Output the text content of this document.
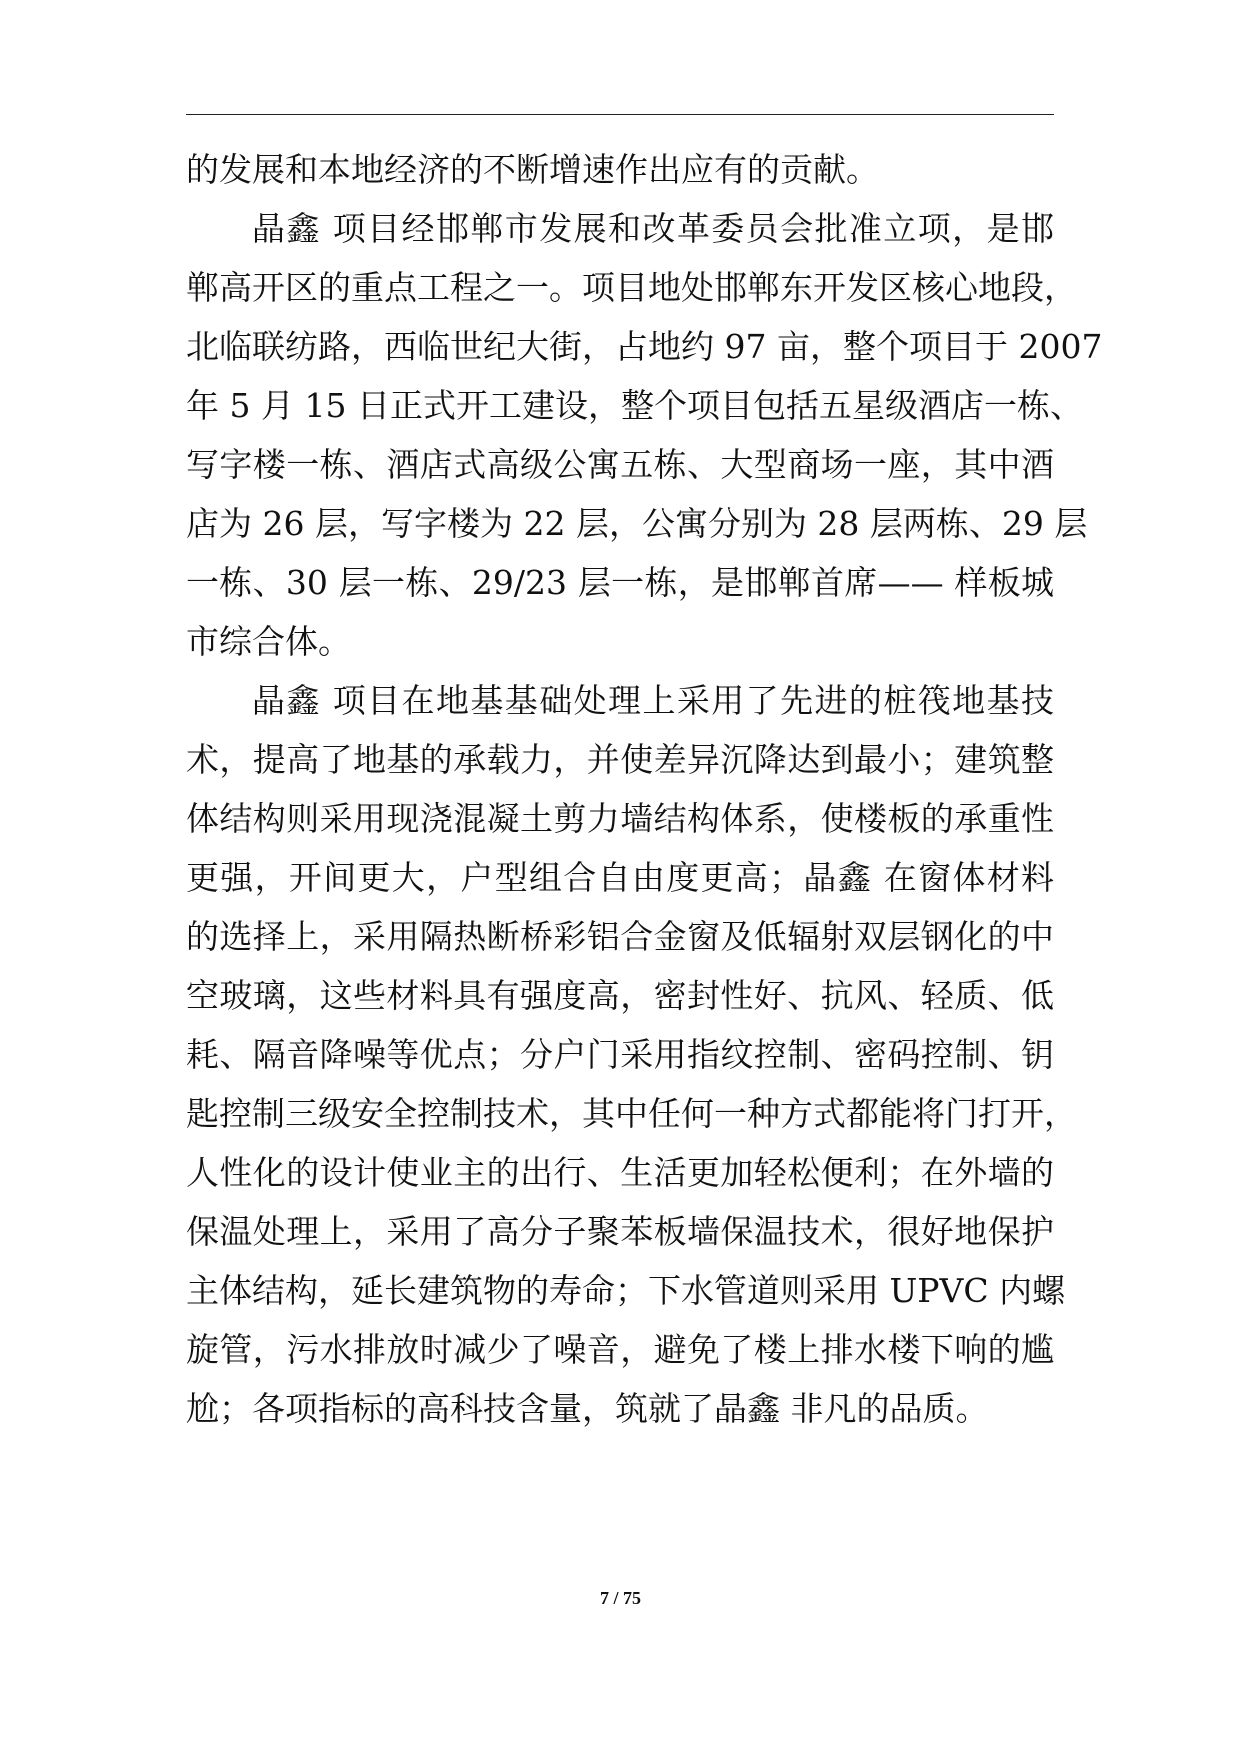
的发展和本地经济的不断增速作出应有的贡献。
晶鑫 项目经邯郸市发展和改革委员会批准立项，是邯
郸高开区的重点工程之一。项目地处邯郸东开发区核心地段，
北临联纺路，西临世纪大街，占地约 97 亩，整个项目于 2007
年 5 月 15 日正式开工建设，整个项目包括五星级酒店一栋、
写字楼一栋、酒店式高级公寓五栋、大型商场一座，其中酒
店为 26 层，写字楼为 22 层，公寓分别为 28 层两栋、29 层
一栋、30 层一栋、29/23 层一栋，是邯郸首席—— 样板城
市综合体。
晶鑫 项目在地基基础处理上采用了先进的桩筏地基技
术，提高了地基的承载力，并使差异沉降达到最小；建筑整
体结构则采用现浇混凝土剪力墙结构体系，使楼板的承重性
更强，开间更大，户型组合自由度更高；晶鑫 在窗体材料
的选择上，采用隔热断桥彩铝合金窗及低辐射双层钢化的中
空玻璃，这些材料具有强度高，密封性好、抗风、轻质、低
耗、隔音降噪等优点；分户门采用指纹控制、密码控制、钥
匙控制三级安全控制技术，其中任何一种方式都能将门打开，
人性化的设计使业主的出行、生活更加轻松便利；在外墙的
保温处理上，采用了高分子聚苯板墙保温技术，很好地保护
主体结构，延长建筑物的寿命；下水管道则采用 UPVC 内螺
旋管，污水排放时减少了噪音，避免了楼上排水楼下响的尴
尬；各项指标的高科技含量，筑就了晶鑫 非凡的品质。
7 / 75
